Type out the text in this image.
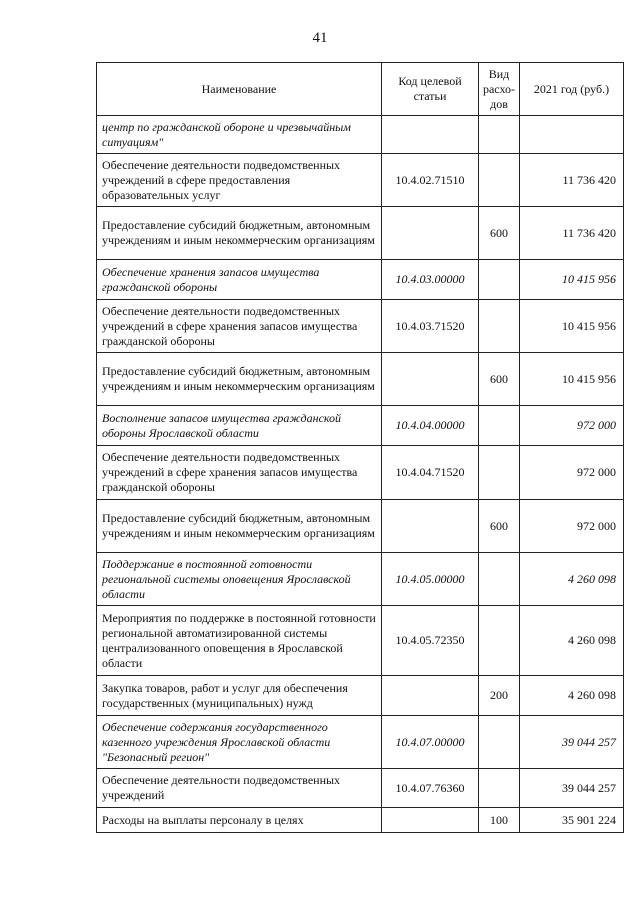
41
Наименование	Код целевой статьи	Вид расхо-дов	2021 год (руб.)
центр по гражданской обороне и чрезвычайным ситуациям"			
Обеспечение деятельности подведомственных учреждений в сфере предоставления образовательных услуг	10.4.02.71510		11 736 420
Предоставление субсидий бюджетным, автономным учреждениям и иным некоммерческим организациям		600	11 736 420
Обеспечение хранения запасов имущества гражданской обороны	10.4.03.00000		10 415 956
Обеспечение деятельности подведомственных учреждений в сфере хранения запасов имущества гражданской обороны	10.4.03.71520		10 415 956
Предоставление субсидий бюджетным, автономным учреждениям и иным некоммерческим организациям		600	10 415 956
Восполнение запасов имущества гражданской обороны Ярославской области	10.4.04.00000		972 000
Обеспечение деятельности подведомственных учреждений в сфере хранения запасов имущества гражданской обороны	10.4.04.71520		972 000
Предоставление субсидий бюджетным, автономным учреждениям и иным некоммерческим организациям		600	972 000
Поддержание в постоянной готовности региональной системы оповещения Ярославской области	10.4.05.00000		4 260 098
Мероприятия по поддержке в постоянной готовности региональной автоматизированной системы централизованного оповещения в Ярославской области	10.4.05.72350		4 260 098
Закупка товаров, работ и услуг для обеспечения государственных (муниципальных) нужд		200	4 260 098
Обеспечение содержания государственного казенного учреждения Ярославской области "Безопасный регион"	10.4.07.00000		39 044 257
Обеспечение деятельности подведомственных учреждений	10.4.07.76360		39 044 257
Расходы на выплаты персоналу в целях		100	35 901 224
